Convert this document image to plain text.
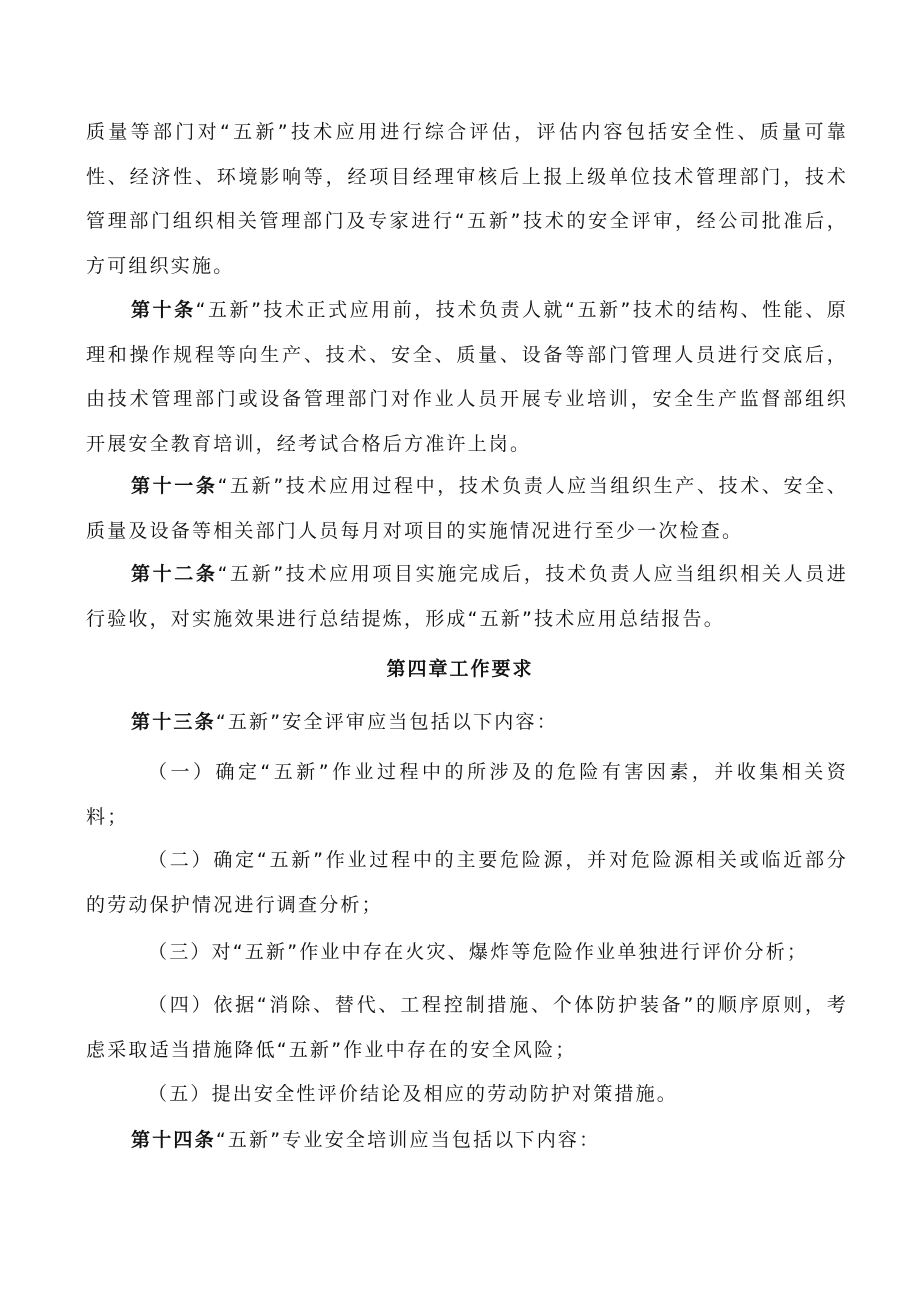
质量等部门对“五新”技术应用进行综合评估，评估内容包括安全性、质量可靠性、经济性、环境影响等，经项目经理审核后上报上级单位技术管理部门，技术管理部门组织相关管理部门及专家进行“五新”技术的安全评审，经公司批准后，方可组织实施。

第十条“五新”技术正式应用前，技术负责人就“五新”技术的结构、性能、原理和操作规程等向生产、技术、安全、质量、设备等部门管理人员进行交底后，由技术管理部门或设备管理部门对作业人员开展专业培训，安全生产监督部组织开展安全教育培训，经考试合格后方准许上岗。

第十一条“五新”技术应用过程中，技术负责人应当组织生产、技术、安全、质量及设备等相关部门人员每月对项目的实施情况进行至少一次检查。

第十二条“五新”技术应用项目实施完成后，技术负责人应当组织相关人员进行验收，对实施效果进行总结提炼，形成“五新”技术应用总结报告。

第四章工作要求

第十三条“五新”安全评审应当包括以下内容：

（一）确定“五新”作业过程中的所涉及的危险有害因素，并收集相关资料；

（二）确定“五新”作业过程中的主要危险源，并对危险源相关或临近部分的劳动保护情况进行调查分析；

（三）对“五新”作业中存在火灾、爆炸等危险作业单独进行评价分析；

（四）依据“消除、替代、工程控制措施、个体防护装备”的顺序原则，考虑采取适当措施降低“五新”作业中存在的安全风险；

（五）提出安全性评价结论及相应的劳动防护对策措施。

第十四条“五新”专业安全培训应当包括以下内容：
